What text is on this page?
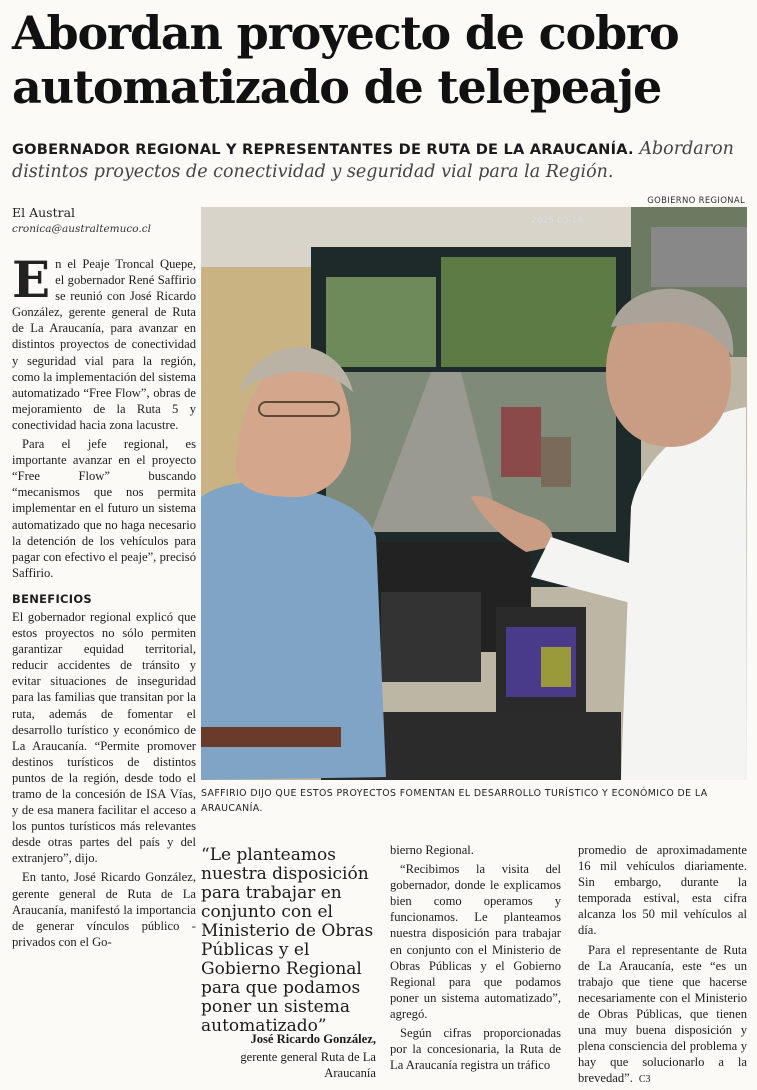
Abordan proyecto de cobro automatizado de telepeaje
GOBERNADOR REGIONAL Y REPRESENTANTES DE RUTA DE LA ARAUCANÍA. Abordaron distintos proyectos de conectividad y seguridad vial para la Región.
GOBIERNO REGIONAL
El Austral
cronica@australtemuco.cl

En el Peaje Troncal Quepe, el gobernador René Saffirio se reunió con José Ricardo González, gerente general de Ruta de La Araucanía, para avanzar en distintos proyectos de conectividad y seguridad vial para la región, como la implementación del sistema automatizado “Free Flow”, obras de mejoramiento de la Ruta 5 y conectividad hacia zona lacustre.

Para el jefe regional, es importante avanzar en el proyecto “Free Flow” buscando “mecanismos que nos permita implementar en el futuro un sistema automatizado que no haga necesario la detención de los vehículos para pagar con efectivo el peaje”, precisó Saffirio.

BENEFICIOS

El gobernador regional explicó que estos proyectos no sólo permiten garantizar equidad territorial, reducir accidentes de tránsito y evitar situaciones de inseguridad para las familias que transitan por la ruta, además de fomentar el desarrollo turístico y económico de La Araucanía. “Permite promover destinos turísticos de distintos puntos de la región, desde todo el tramo de la concesión de ISA Vías, y de esa manera facilitar el acceso a los puntos turísticos más relevantes desde otras partes del país y del extranjero”, dijo.

En tanto, José Ricardo González, gerente general de Ruta de La Araucanía, manifestó la importancia de generar vínculos público - privados con el Go-

2025-03-16
SAFFIRIO DIJO QUE ESTOS PROYECTOS FOMENTAN EL DESARROLLO TURÍSTICO Y ECONÓMICO DE LA ARAUCANÍA.
“Le planteamos nuestra disposición para trabajar en conjunto con el Ministerio de Obras Públicas y el Gobierno Regional para que podamos poner un sistema automatizado”
José Ricardo González,
gerente general Ruta de La Araucanía

bierno Regional.

“Recibimos la visita del gobernador, donde le explicamos bien como operamos y funcionamos. Le planteamos nuestra disposición para trabajar en conjunto con el Ministerio de Obras Públicas y el Gobierno Regional para que podamos poner un sistema automatizado”, agregó.

Según cifras proporcionadas por la concesionaria, la Ruta de La Araucanía registra un tráfico

promedio de aproximadamente 16 mil vehículos diariamente. Sin embargo, durante la temporada estival, esta cifra alcanza los 50 mil vehículos al día.

Para el representante de Ruta de La Araucanía, este “es un trabajo que tiene que hacerse necesariamente con el Ministerio de Obras Públicas, que tienen una muy buena disposición y plena consciencia del problema y hay que solucionarlo a la brevedad”. C3
